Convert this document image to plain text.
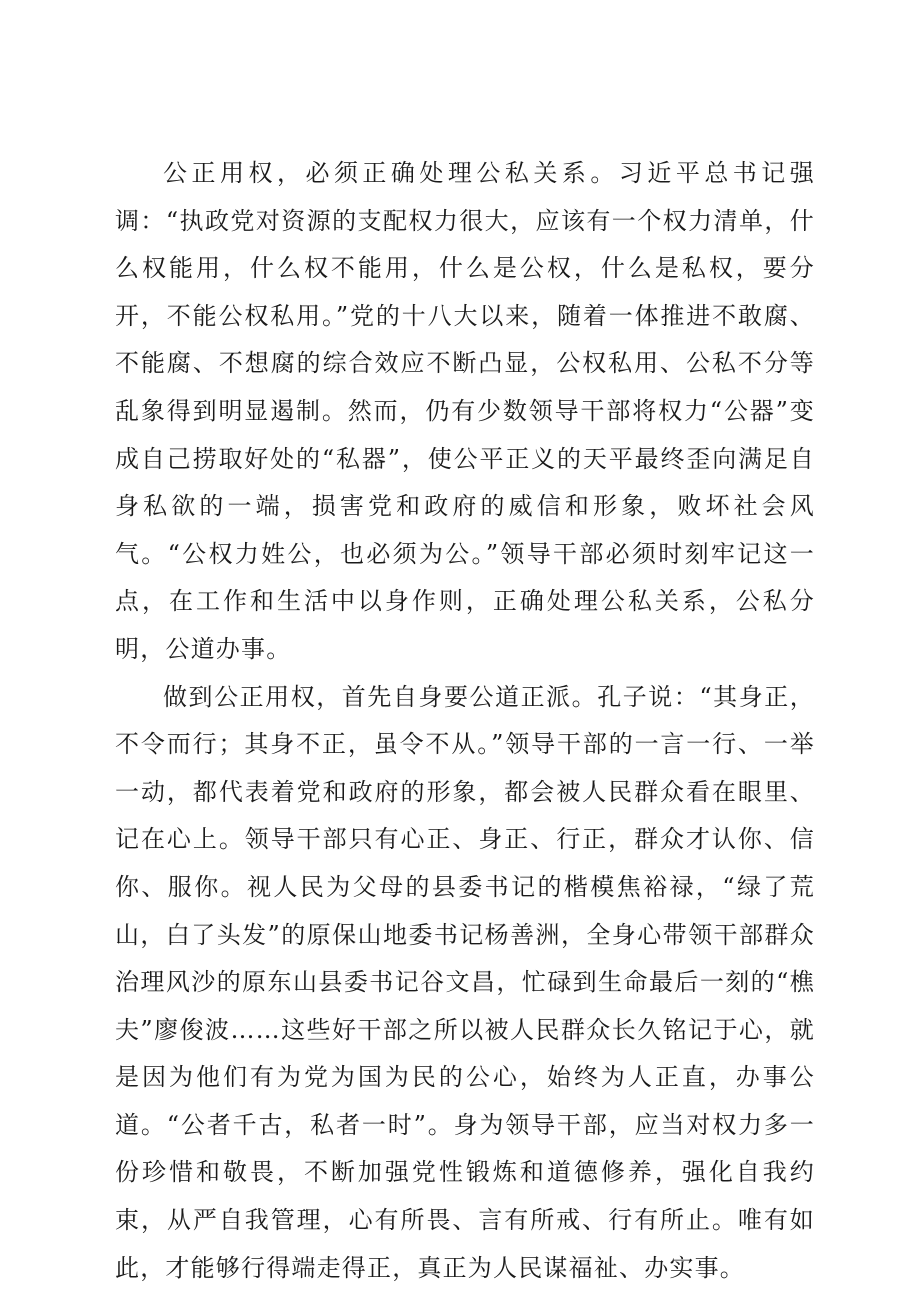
公正用权，必须正确处理公私关系。习近平总书记强调：“执政党对资源的支配权力很大，应该有一个权力清单，什么权能用，什么权不能用，什么是公权，什么是私权，要分开，不能公权私用。”党的十八大以来，随着一体推进不敢腐、不能腐、不想腐的综合效应不断凸显，公权私用、公私不分等乱象得到明显遏制。然而，仍有少数领导干部将权力“公器”变成自己捞取好处的“私器”，使公平正义的天平最终歪向满足自身私欲的一端，损害党和政府的威信和形象，败坏社会风气。“公权力姓公，也必须为公。”领导干部必须时刻牢记这一点，在工作和生活中以身作则，正确处理公私关系，公私分明，公道办事。

做到公正用权，首先自身要公道正派。孔子说：“其身正，不令而行；其身不正，虽令不从。”领导干部的一言一行、一举一动，都代表着党和政府的形象，都会被人民群众看在眼里、记在心上。领导干部只有心正、身正、行正，群众才认你、信你、服你。视人民为父母的县委书记的楷模焦裕禄，“绿了荒山，白了头发”的原保山地委书记杨善洲，全身心带领干部群众治理风沙的原东山县委书记谷文昌，忙碌到生命最后一刻的“樵夫”廖俊波……这些好干部之所以被人民群众长久铭记于心，就是因为他们有为党为国为民的公心，始终为人正直，办事公道。“公者千古，私者一时”。身为领导干部，应当对权力多一份珍惜和敬畏，不断加强党性锻炼和道德修养，强化自我约束，从严自我管理，心有所畏、言有所戒、行有所止。唯有如此，才能够行得端走得正，真正为人民谋福祉、办实事。
